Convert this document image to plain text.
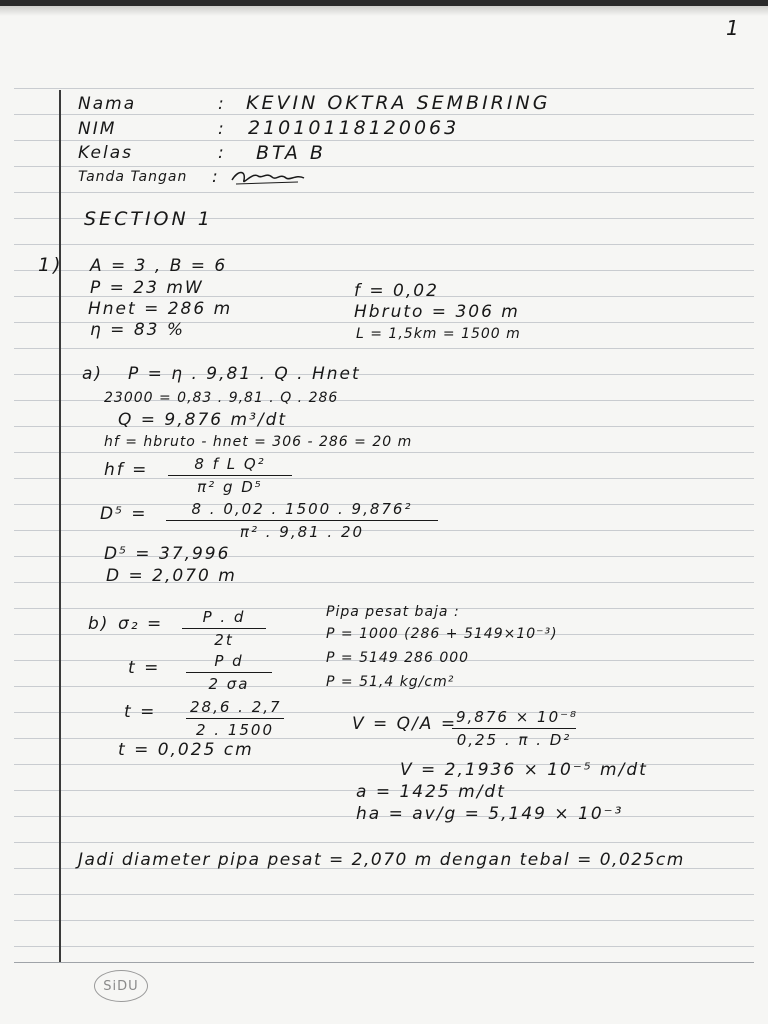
1
Nama
NIM
Kelas
Tanda Tangan
:
:
:
:
KEVIN OKTRA SEMBIRING
21010118120063
BTA B
SECTION 1
1) A = 3 , B = 6
P = 23 mW
Hnet = 286 m
η = 83 %
f = 0,02
Hbruto = 306 m
L = 1,5km = 1500 m
a) P = η . 9,81 . Q . Hnet
23000 = 0,83 . 9,81 . Q . 286
Q = 9,876 m³/dt
hf = hbruto - hnet = 306 - 286 = 20 m
hf = $\frac{\text{8 f L Q²}}{\text{π² g D⁵}}$
$D^5 = \frac{\text{8 . 0,02 . 1500 . 9,876²}}{\text{π² . 9,81 . 20}}$
D⁵ = 37,996
D = 2,070 m
b) $\sigma_2 = \frac{P . d}{2t}$
$t = \frac{\text{P d}}{2 \sigma a}$
$t = \frac{28,6 . 2,7}{2 . 1500}$
t = 0,025 cm
Pipa pesat baja :
P = 1000 (286 + 5149×10⁻³)
P = 5149 286 000
P = 51,4 kg/cm²
V = Q/A =
$\frac{\text{9,876 × 10⁻⁸}}{\text{0,25 . π . D²}}$
V = 2,1936 × 10⁻⁵ m/dt
a = 1425 m/dt
ha = av/g = 5,149 × 10⁻³
Jadi diameter pipa pesat = 2,070 m dengan tebal = 0,025cm
SiDU
